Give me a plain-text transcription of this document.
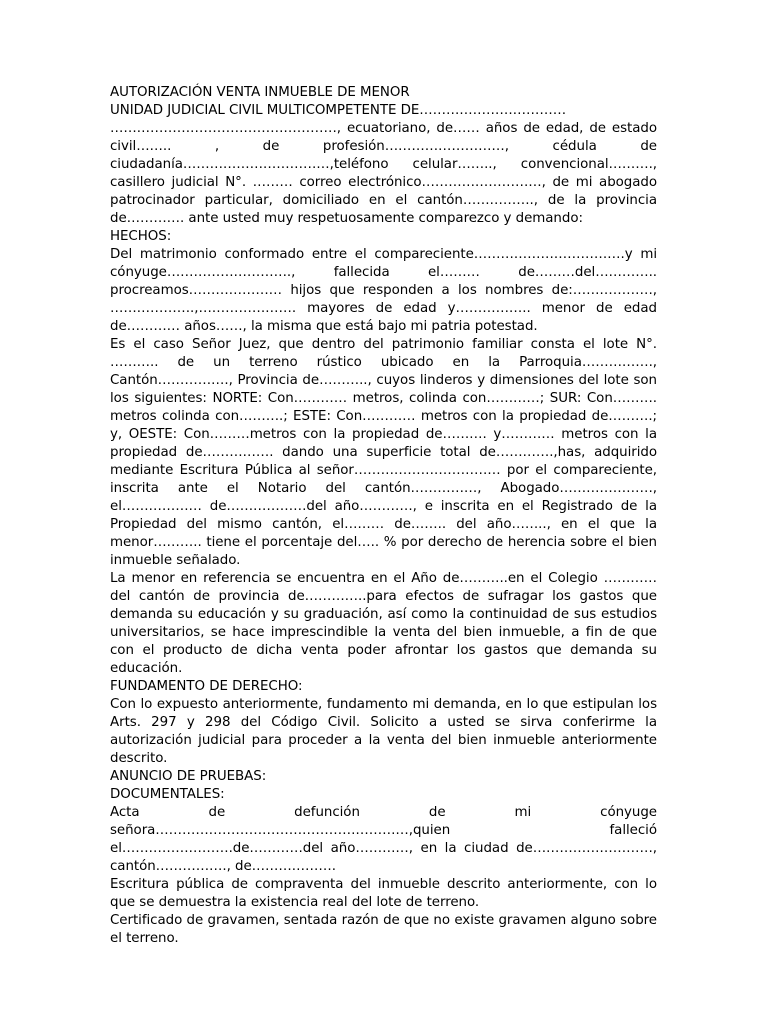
AUTORIZACIÓN VENTA INMUEBLE DE MENOR

UNIDAD JUDICIAL CIVIL MULTICOMPETENTE DE……………………………

……………………………………………, ecuatoriano, de…… años de edad, de estado civil…….. , de profesión………………………, cédula de ciudadanía……………………………,teléfono celular…….., convencional………., casillero judicial N°. ……… correo electrónico………………………, de mi abogado patrocinador particular, domiciliado en el cantón……………., de la provincia de…………. ante usted muy respetuosamente comparezco y demando:

HECHOS:

Del matrimonio conformado entre el compareciente…………………………….y mi cónyuge………………………., fallecida el……… de………del………….. procreamos………………… hijos que responden a los nombres de:………………, ……………….,…………………. mayores de edad y…………….. menor de edad de………… años……, la misma que está bajo mi patria potestad.

Es el caso Señor Juez, que dentro del patrimonio familiar consta el lote N°. ……….. de un terreno rústico ubicado en la Parroquia……………., Cantón……………., Provincia de……….., cuyos linderos y dimensiones del lote son los siguientes: NORTE: Con………… metros, colinda con…………; SUR: Con………. metros colinda con……….; ESTE: Con………… metros con la propiedad de……….; y, OESTE: Con………metros con la propiedad de………. y………… metros con la propiedad de……………. dando una superficie total de………….,has, adquirido mediante Escritura Pública al señor…………………………… por el compareciente, inscrita ante el Notario del cantón……………, Abogado…………………, el……………… de………………del año…………, e inscrita en el Registrado de la Propiedad del mismo cantón, el……… de…….. del año…….., en el que la menor……….. tiene el porcentaje del….. % por derecho de herencia sobre el bien inmueble señalado.

La menor en referencia se encuentra en el Año de………..en el Colegio ………… del cantón de provincia de…………..para efectos de sufragar los gastos que demanda su educación y su graduación, así como la continuidad de sus estudios universitarios, se hace imprescindible la venta del bien inmueble, a fin de que con el producto de dicha venta poder afrontar los gastos que demanda su educación.

FUNDAMENTO DE DERECHO:

Con lo expuesto anteriormente, fundamento mi demanda, en lo que estipulan los Arts. 297 y 298 del Código Civil. Solicito a usted se sirva conferirme la autorización judicial para proceder a la venta del bien inmueble anteriormente descrito.

ANUNCIO DE PRUEBAS:

DOCUMENTALES:

Acta de defunción de mi cónyuge señora…………………………………………………,quien falleció el…………………….de…………del año…………, en la ciudad de………………………, cantón……………., de……………….

Escritura pública de compraventa del inmueble descrito anteriormente, con lo que se demuestra la existencia real del lote de terreno.

Certificado de gravamen, sentada razón de que no existe gravamen alguno sobre el terreno.
